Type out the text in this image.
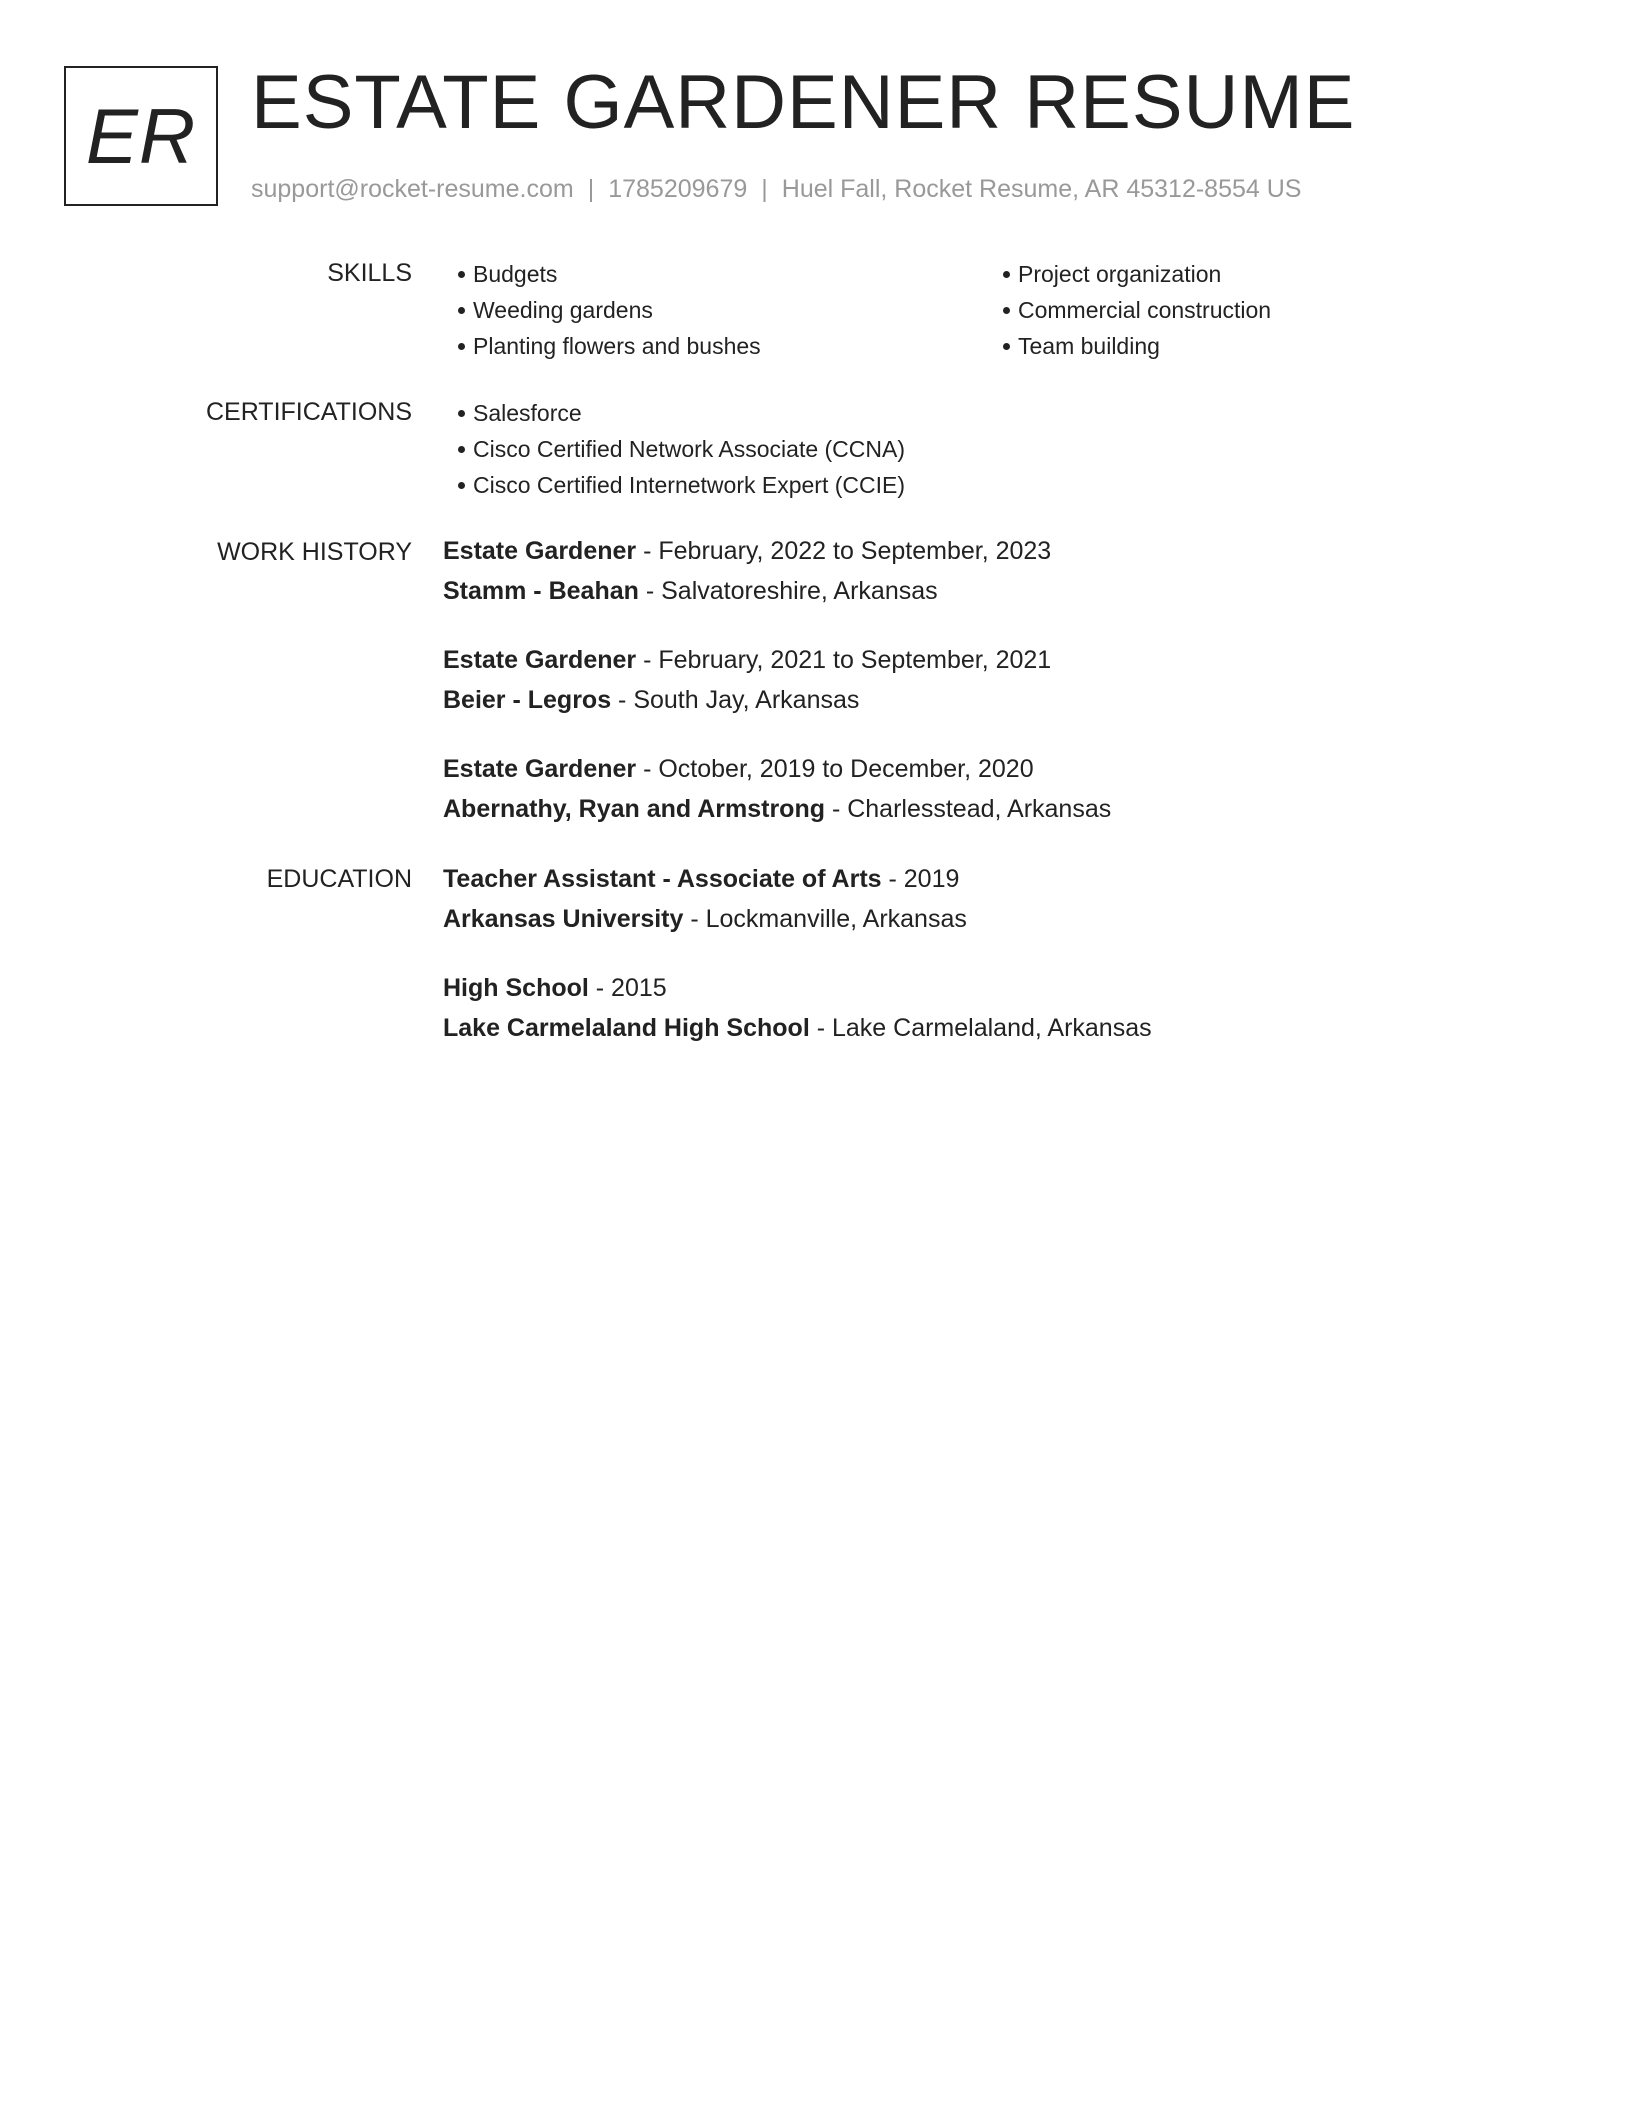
ER ESTATE GARDENER RESUME
support@rocket-resume.com | 1785209679 | Huel Fall, Rocket Resume, AR 45312-8554 US
SKILLS	Budgets
Weeding gardens
Planting flowers and bushes
Project organization
Commercial construction
Team building
CERTIFICATIONS	Salesforce
Cisco Certified Network Associate (CCNA)
Cisco Certified Internetwork Expert (CCIE)
WORK HISTORY Estate Gardener - February, 2022 to September, 2023
Stamm - Beahan - Salvatoreshire, Arkansas
Estate Gardener - February, 2021 to September, 2021
Beier - Legros - South Jay, Arkansas
Estate Gardener - October, 2019 to December, 2020
Abernathy, Ryan and Armstrong - Charlesstead, Arkansas
EDUCATION Teacher Assistant - Associate of Arts - 2019
Arkansas University - Lockmanville, Arkansas
High School - 2015
Lake Carmelaland High School - Lake Carmelaland, Arkansas
